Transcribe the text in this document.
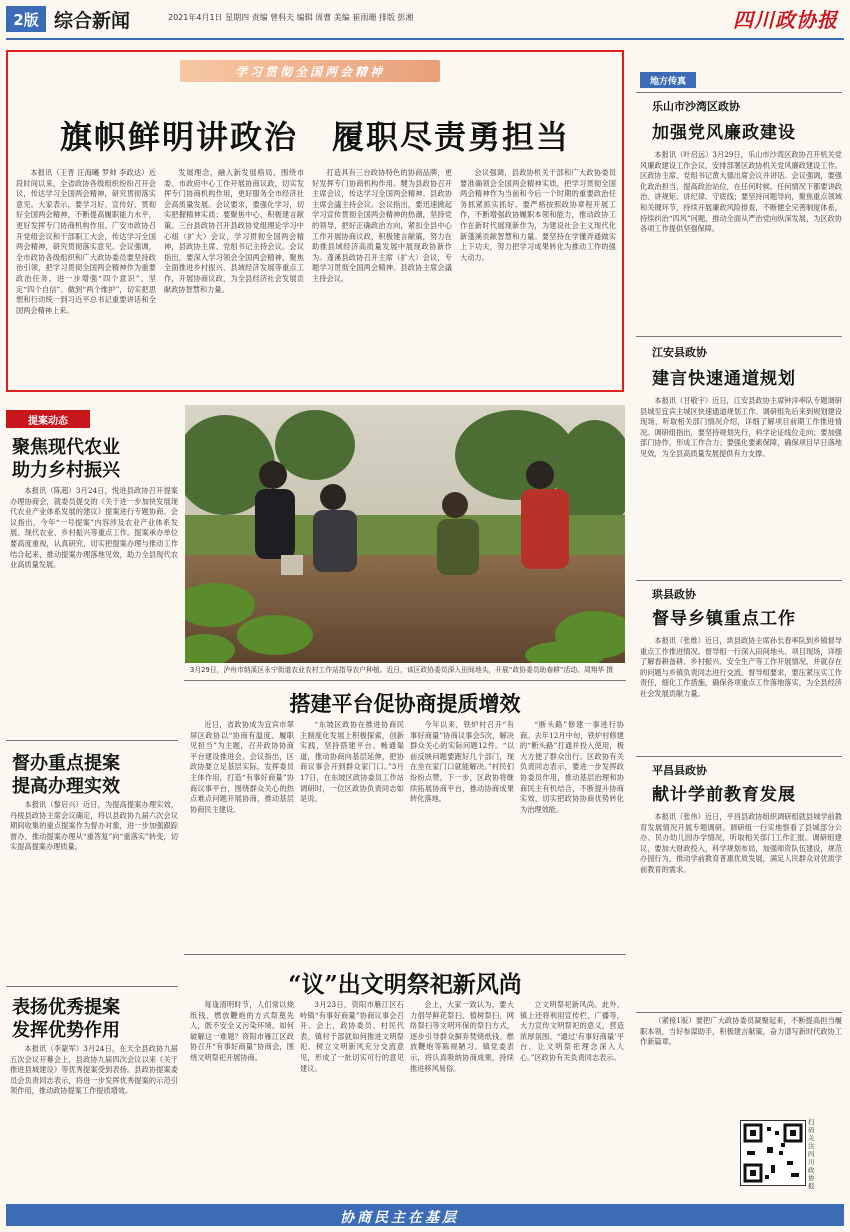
2版 综合新闻	2021年4月1日 星期四 责编 曾科夫 编辑 周曹 美编 崔雨珊 排版 彭湘	四川政协报
学习贯彻全国两会精神
旗帜鲜明讲政治　履职尽责勇担当

本报讯（王晋 汪海曦 罗帅 李政达）近段时间以来，全省政协各级组织纷纷召开会议，传达学习全国两会精神，研究贯彻落实意见。大家表示，要学习好、宣传好、贯彻好全国两会精神，不断提高履职能力水平，更好发挥专门协商机构作用。广安市政协召开党组会议和干部职工大会，传达学习全国两会精神，研究贯彻落实意见。会议强调，全市政协各级组织和广大政协委员要坚持政治引领，把学习贯彻全国两会精神作为重要政治任务，进一步增强“四个意识”、坚定“四个自信”、做到“两个维护”，切实把思想和行动统一到习近平总书记重要讲话和全国两会精神上来。

发展理念，融入新发展格局，围绕市委、市政府中心工作开展协商议政，切实发挥专门协商机构作用，更好服务全市经济社会高质量发展。会议要求，要强化学习，切实把握精神实质；要聚焦中心，积极建言献策。三台县政协召开县政协党组理论学习中心组（扩大）会议，学习贯彻全国两会精神，县政协主席、党组书记主持会议。会议指出，要深入学习领会全国两会精神，聚焦全面推进乡村振兴、县域经济发展等重点工作，开展协商议政，为全县经济社会发展贡献政协智慧和力量。

打造具有三台政协特色的协商品牌，更好发挥专门协商机构作用。犍为县政协召开主席会议，传达学习全国两会精神。县政协主席会議主持会议。会议指出，要迅速掀起学习宣传贯彻全国两会精神的热潮，坚持党的领导，把好正确政治方向，紧扣全县中心工作开展协商议政，积极建言献策，努力在助推县域经济高质量发展中展现政协新作为。蓬溪县政协召开主席（扩大）会议，专题学习贯彻全国两会精神。县政协主席会議主持会议。

会议强调，县政协机关干部和广大政协委员要准确领会全国两会精神实质，把学习贯彻全国两会精神作为当前和今后一个时期的重要政治任务抓紧抓实抓好。要严格按照政协章程开展工作，不断增强政协履职本领和能力，推动政协工作在新时代展现新作为，为建设社会主义现代化新蓬溪贡献智慧和力量。要坚持在学懂弄通做实上下功夫，努力把学习成果转化为推动工作的强大动力。

地方传真
乐山市沙湾区政协
加强党风廉政建设

本报讯（叶启远）3月29日，乐山市沙湾区政协召开机关党风廉政建设工作会议，安排部署区政协机关党风廉政建设工作。区政协主席、党组书记黄大德出席会议并讲话。会议强调，要强化政治担当，提高政治站位，在任何时候、任何情况下都要讲政治、讲规矩、讲纪律、守底线；要坚持问题导向，聚焦重点领域和关键环节，持续开展廉政风险排查，不断健全完善制度体系，持续纠治“四风”问题，推动全面从严治党向纵深发展，为区政协各项工作提供坚强保障。

江安县政协
建言快速通道规划

本报讯（甘敬宇）近日，江安县政协主席钟洋率队专题调研县城至宜宾主城区快速通道规划工作。调研组先后来到规划建设现场，听取相关部门情况介绍，详细了解项目前期工作推进情况。调研组指出，要坚持规划先行，科学论证线位走向；要加强部门协作，形成工作合力；要强化要素保障，确保项目早日落地见效，为全县高质量发展提供有力支撑。

珙县政协
督导乡镇重点工作

本报讯（张维）近日，珙县政协主席孙长春率队到乡镇督导重点工作推进情况。督导组一行深入田间地头、项目现场，详细了解春耕备耕、乡村振兴、安全生产等工作开展情况，并就存在的问题与乡镇负责同志进行交流。督导组要求，要压紧压实工作责任，细化工作措施，确保各项重点工作落地落实，为全县经济社会发展贡献力量。

平昌县政协
献计学前教育发展

本报讯（张伟）近日，平昌县政协组织调研组就县城学前教育发展情况开展专题调研。调研组一行实地察看了县城部分公办、民办幼儿园办学情况，听取相关部门工作汇报。调研组建议，要加大财政投入，科学规划布局，加强师资队伍建设，规范办园行为，推动学前教育普惠优质发展，满足人民群众对优质学前教育的需求。

（紧接1版）要把广大政协委员凝聚起来，不断提高担当履职本领，当好参谋助手，积极建言献策，奋力谱写新时代政协工作新篇章。

扫码关注四川政协报
提案动态
聚焦现代农业
助力乡村振兴

本报讯（陈超）3月24日，悦进县政协召开提案办理协商会，就委员提交的《关于进一步加快发展现代农业产业体系发展的建议》提案进行专题协商。会议指出，今年“一号提案”内容涉及农业产业体系发展、现代农业、乡村振兴等重点工作。提案承办单位要高度重视，认真研究，切实把提案办理与推动工作结合起来，推动提案办理落地见效，助力全县现代农业高质量发展。

督办重点提案
提高办理实效

本报讯（黎启兴）近日，为提高提案办理实效，丹棱县政协主席会议确定，将以县政协九届六次会议期间收集的重点提案作为督办对象，进一步加强跟踪督办，推动提案办理从“重答复”向“重落实”转变，切实提高提案办理质量。

表扬优秀提案
发挥优势作用

本报讯（李蒙军）3月24日，在天全县政协九届五次会议开幕会上，县政协九届四次会议以来《关于推进县城建设》等优秀提案受到表扬。县政协提案委员会负责同志表示，将进一步发挥优秀提案的示范引领作用，推动政协提案工作提质增效。

3月29日，泸州市纳溪区永宁街道农业农村工作站指导农户种植。近日，该区政协委员深入田间地头，开展“政协委员助春耕”活动。周翔华 摄
搭建平台促协商提质增效

近日，省政协成为宜宾市翠屏区政协以“协商有温度、履职见担当”为主题，召开政协协商平台建设推进会。会议指出，区政协要立足基层实际，发挥委员主体作用，打造“有事好商量”协商议事平台，围绕群众关心的热点难点问题开展协商，推动基层协商民主建设。

“东坡区政协在推进协商民主制度化发展上积极探索，创新实践，坚持搭建平台、畅通渠道，推动协商向基层延伸，把协商议事会开到群众家门口。”3月17日，在东坡区政协委员工作站调研时，一位区政协负责同志如是说。

今年以来，铁炉村召开“有事好商量”协商议事会5次，解决群众关心的实际问题12件。“以前反映问题要跑好几个部门，现在坐在家门口就能解决。”村民们纷纷点赞。下一步，区政协将继续拓展协商平台，推动协商成果转化落地。

“断头路”修建一事进行协商。去年12月中旬，铁炉村修建的“断头路”打通并投入使用，极大方便了群众出行。区政协有关负责同志表示，要进一步发挥政协委员作用，推动基层治理和协商民主有机结合，不断提升协商实效，切实把政协协商优势转化为治理效能。

“议”出文明祭祀新风尚

每逢清明时节，人们常以烧纸钱、燃放鞭炮的方式祭奠先人，既不安全又污染环境。如何破解这一难题？资阳市雁江区政协召开“有事好商量”协商会，围绕文明祭祀开展协商。

3月23日，资阳市雁江区石岭镇“有事好商量”协商议事会召开。会上，政协委员、村民代表、镇村干部就如何推进文明祭祀、树立文明新风充分交流意见，形成了一批切实可行的意见建议。

会上，大家一致认为，要大力倡导鲜花祭扫、植树祭扫、网络祭扫等文明环保的祭扫方式，逐步引导群众摒弃焚烧纸钱、燃放鞭炮等陈规陋习。镇党委表示，将认真吸纳协商成果，持续推进移风易俗。

立文明祭祀新风尚。此外，镇上还将利用宣传栏、广播等，大力宣传文明祭祀的意义，营造浓厚氛围。“通过‘有事好商量’平台，让文明祭祀理念深入人心。”区政协有关负责同志表示。

协商民主在基层
